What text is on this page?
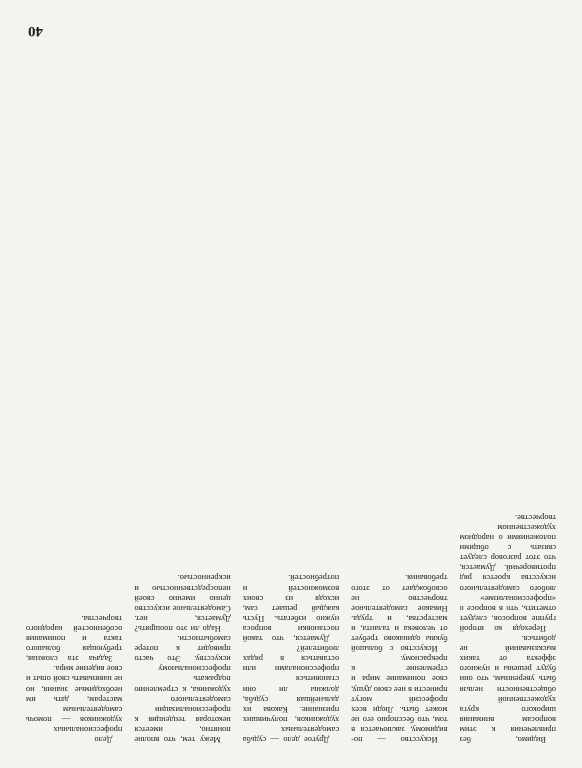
Видимо, без привлечения к этим вопросам внимания широкого круга художественной общественности нельзя быть уверенным, что они будут решены и нужного эффекта от таких высказываний не добиться.

Переходя ко второй группе вопросов, следует отметить, что в вопросе о «профессионализме» любого самодеятельного искусства кроется ряд противоречий. Думается, что этот разговор следует связать с общими положениями о народном художественном творчестве.

Искусство — по-видимому, заключается в том, что бесспорно его не может быть. Люди всех профессий могут принести в нее свою душу, свое понимание мира и стремление к прекрасному.

Искусство с большой буквы одинаково требует от человека и таланта, и мастерства, и труда. Никакое самодеятельное творчество не освобождает от этого требования.

Другое дело — судьба самодеятельных художников, получивших признание. Какова их дальнейшая судьба, должны ли они становиться профессионалами или оставаться в рядах любителей?

Думается, что такой постановки вопроса нужно избегать. Пусть каждый решает сам, исходя из своих возможностей и потребностей.

Межу тем, что вполне понятно, имеется некоторая тенденция к профессионализации самодеятельного художника, к стремлению подражать профессиональному искусству. Это часто приводит к потере самобытности.

Надо ли это поощрять? Думается, нет. Самодеятельное искусство ценно именно своей непосредственностью и искренностью.

Дело профессиональных художников — помочь самодеятельным мастерам, дать им необходимые знания, но не навязывать свой опыт и свое видение мира.

Задача эта сложная, требующая большого такта и понимания особенностей народного творчества.

40
